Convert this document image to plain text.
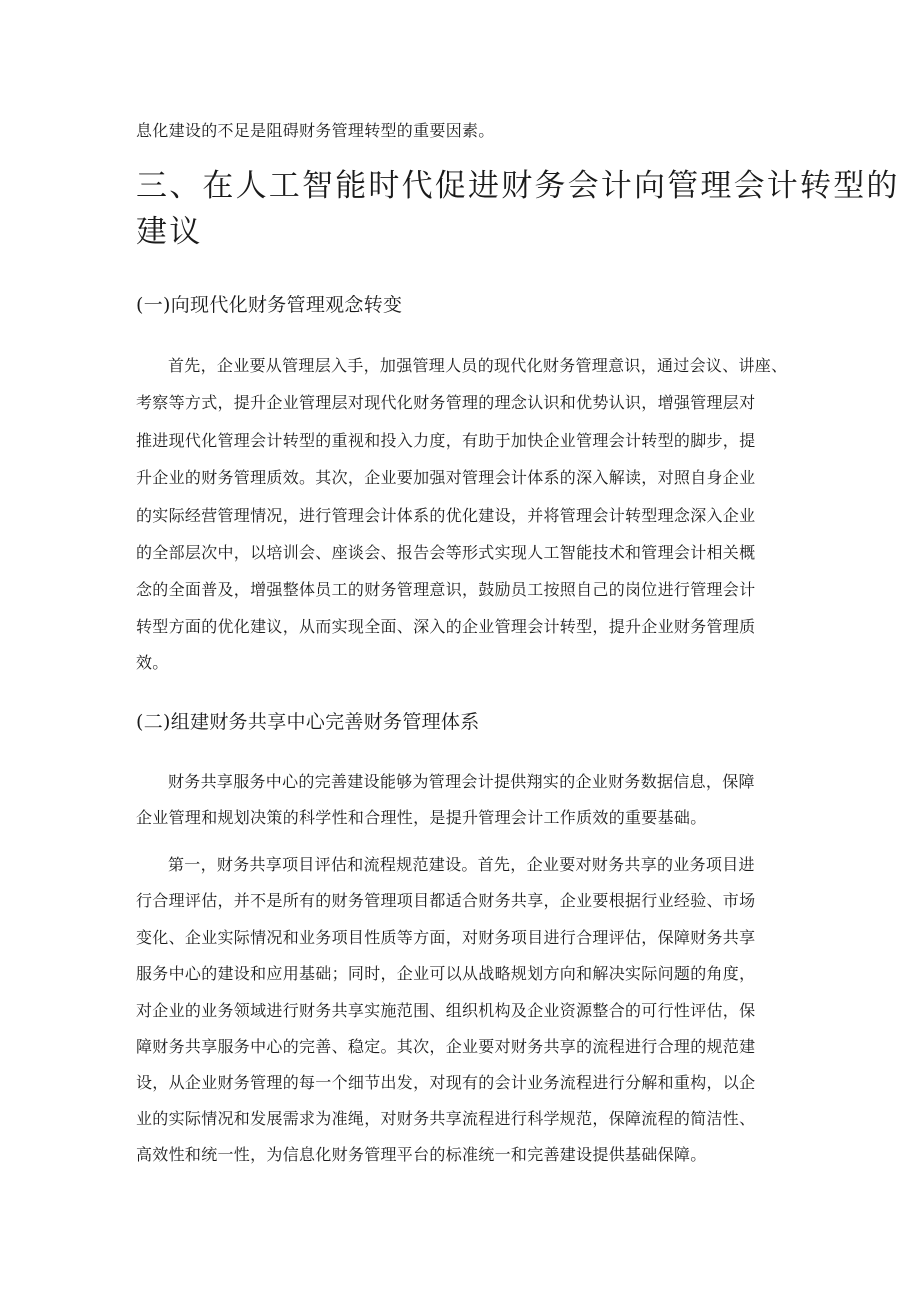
息化建设的不足是阻碍财务管理转型的重要因素。
三、在人工智能时代促进财务会计向管理会计转型的
建议
(一)向现代化财务管理观念转变
首先，企业要从管理层入手，加强管理人员的现代化财务管理意识，通过会议、讲座、
考察等方式，提升企业管理层对现代化财务管理的理念认识和优势认识，增强管理层对
推进现代化管理会计转型的重视和投入力度，有助于加快企业管理会计转型的脚步，提
升企业的财务管理质效。其次，企业要加强对管理会计体系的深入解读，对照自身企业
的实际经营管理情况，进行管理会计体系的优化建设，并将管理会计转型理念深入企业
的全部层次中，以培训会、座谈会、报告会等形式实现人工智能技术和管理会计相关概
念的全面普及，增强整体员工的财务管理意识，鼓励员工按照自己的岗位进行管理会计
转型方面的优化建议，从而实现全面、深入的企业管理会计转型，提升企业财务管理质
效。
(二)组建财务共享中心完善财务管理体系
财务共享服务中心的完善建设能够为管理会计提供翔实的企业财务数据信息，保障
企业管理和规划决策的科学性和合理性，是提升管理会计工作质效的重要基础。
第一，财务共享项目评估和流程规范建设。首先，企业要对财务共享的业务项目进
行合理评估，并不是所有的财务管理项目都适合财务共享，企业要根据行业经验、市场
变化、企业实际情况和业务项目性质等方面，对财务项目进行合理评估，保障财务共享
服务中心的建设和应用基础；同时，企业可以从战略规划方向和解决实际问题的角度，
对企业的业务领域进行财务共享实施范围、组织机构及企业资源整合的可行性评估，保
障财务共享服务中心的完善、稳定。其次，企业要对财务共享的流程进行合理的规范建
设，从企业财务管理的每一个细节出发，对现有的会计业务流程进行分解和重构，以企
业的实际情况和发展需求为准绳，对财务共享流程进行科学规范，保障流程的简洁性、
高效性和统一性，为信息化财务管理平台的标准统一和完善建设提供基础保障。
